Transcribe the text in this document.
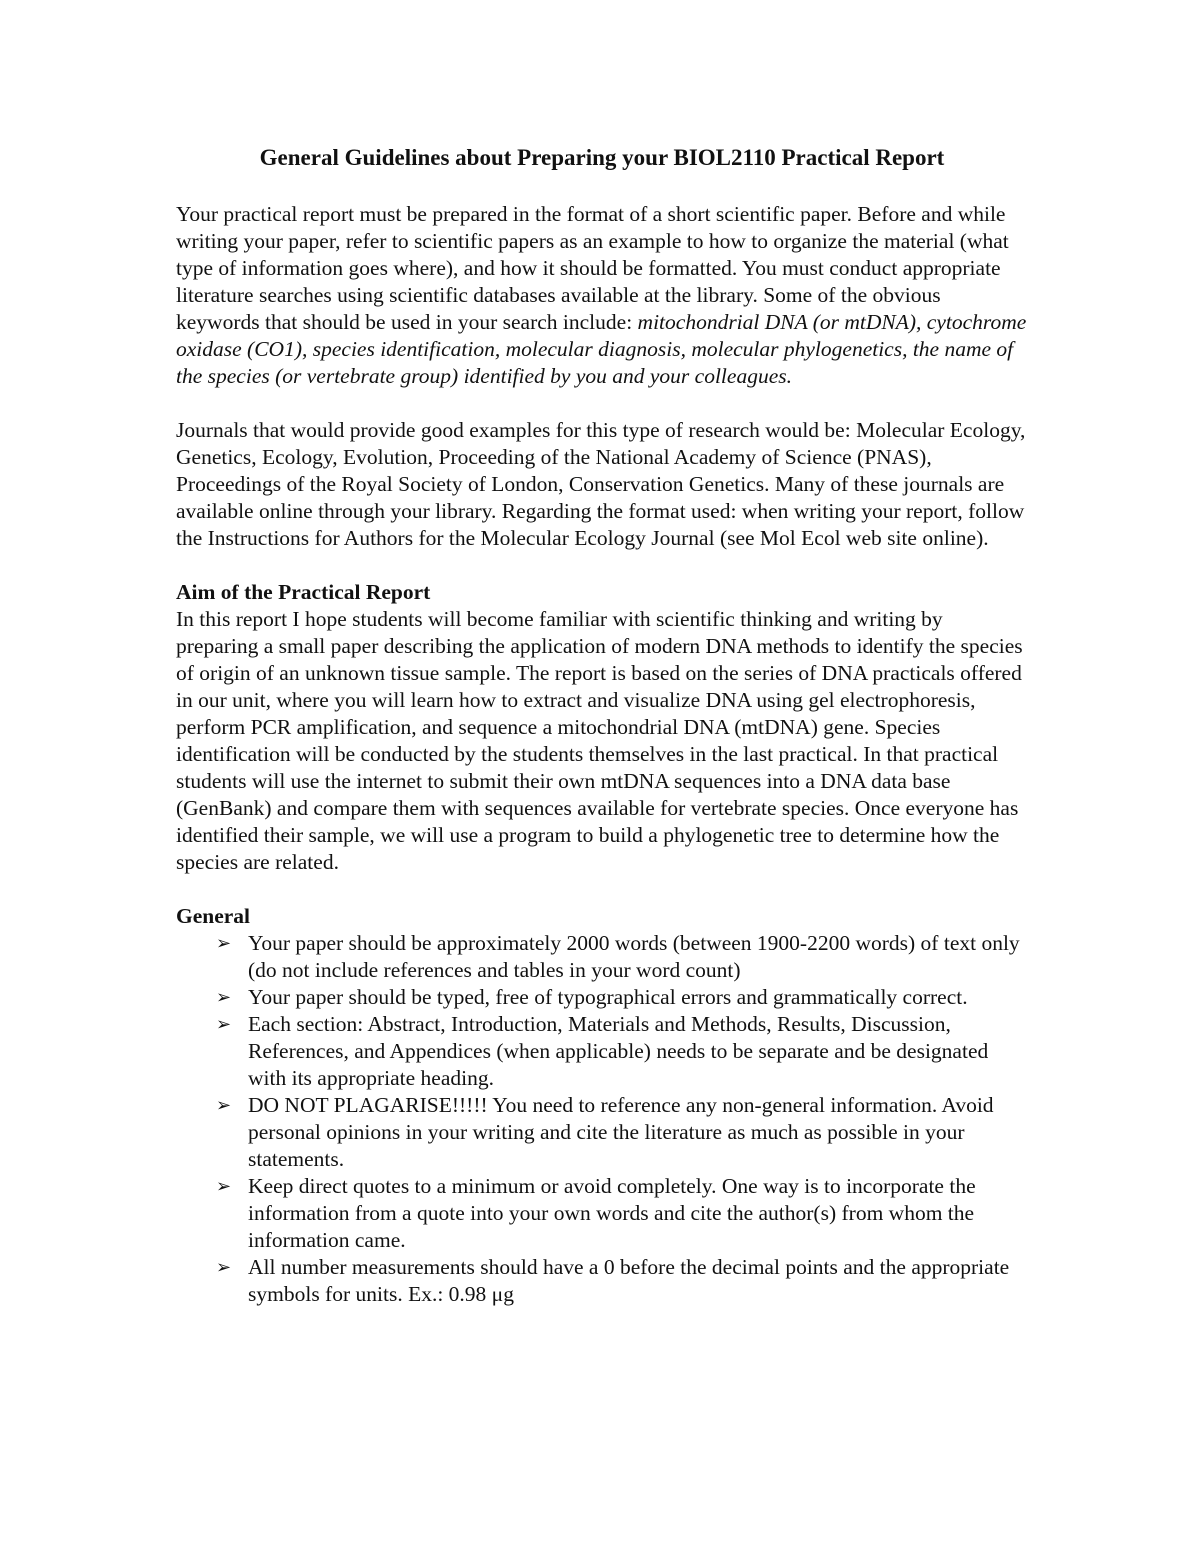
General Guidelines about Preparing your BIOL2110 Practical Report

Your practical report must be prepared in the format of a short scientific paper. Before and while writing your paper, refer to scientific papers as an example to how to organize the material (what type of information goes where), and how it should be formatted. You must conduct appropriate literature searches using scientific databases available at the library. Some of the obvious keywords that should be used in your search include: mitochondrial DNA (or mtDNA), cytochrome oxidase (CO1), species identification, molecular diagnosis, molecular phylogenetics, the name of the species (or vertebrate group) identified by you and your colleagues.

Journals that would provide good examples for this type of research would be: Molecular Ecology, Genetics, Ecology, Evolution, Proceeding of the National Academy of Science (PNAS), Proceedings of the Royal Society of London, Conservation Genetics. Many of these journals are available online through your library. Regarding the format used: when writing your report, follow the Instructions for Authors for the Molecular Ecology Journal (see Mol Ecol web site online).

Aim of the Practical Report

In this report I hope students will become familiar with scientific thinking and writing by preparing a small paper describing the application of modern DNA methods to identify the species of origin of an unknown tissue sample. The report is based on the series of DNA practicals offered in our unit, where you will learn how to extract and visualize DNA using gel electrophoresis, perform PCR amplification, and sequence a mitochondrial DNA (mtDNA) gene. Species identification will be conducted by the students themselves in the last practical. In that practical students will use the internet to submit their own mtDNA sequences into a DNA data base (GenBank) and compare them with sequences available for vertebrate species. Once everyone has identified their sample, we will use a program to build a phylogenetic tree to determine how the species are related.

General

➢ Your paper should be approximately 2000 words (between 1900-2200 words) of text only (do not include references and tables in your word count)
➢ Your paper should be typed, free of typographical errors and grammatically correct.
➢ Each section: Abstract, Introduction, Materials and Methods, Results, Discussion, References, and Appendices (when applicable) needs to be separate and be designated with its appropriate heading.
➢ DO NOT PLAGARISE!!!!! You need to reference any non-general information. Avoid personal opinions in your writing and cite the literature as much as possible in your statements.
➢ Keep direct quotes to a minimum or avoid completely. One way is to incorporate the information from a quote into your own words and cite the author(s) from whom the information came.
➢ All number measurements should have a 0 before the decimal points and the appropriate symbols for units. Ex.: 0.98 μg
